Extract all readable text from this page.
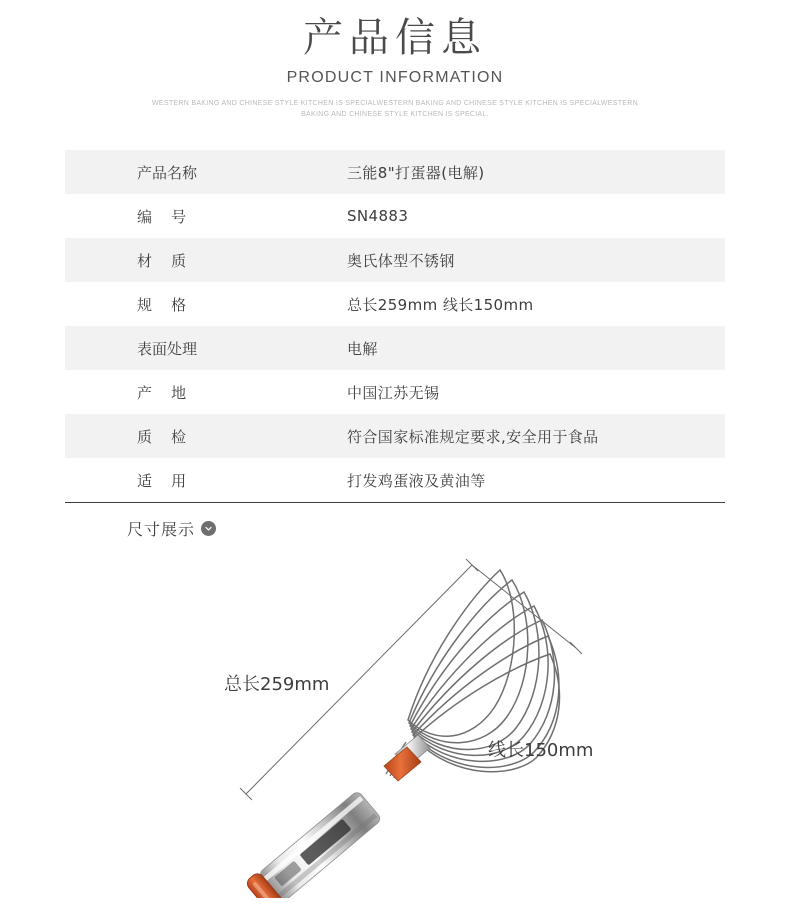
产品信息
PRODUCT INFORMATION
WESTERN BAKING AND CHINESE STYLE KITCHEN IS SPECIALWESTERN BAKING AND CHINESE STYLE KITCHEN IS SPECIALWESTERN BAKING AND CHINESE STYLE KITCHEN IS SPECIAL.
产品名称	三能8"打蛋器(电解)
编    号	SN4883
材    质	奥氏体型不锈钢
规    格	总长259mm 线长150mm
表面处理	电解
产    地	中国江苏无锡
质    检	符合国家标准规定要求,安全用于食品
适    用	打发鸡蛋液及黄油等
尺寸展示
总长259mm
线长150mm
